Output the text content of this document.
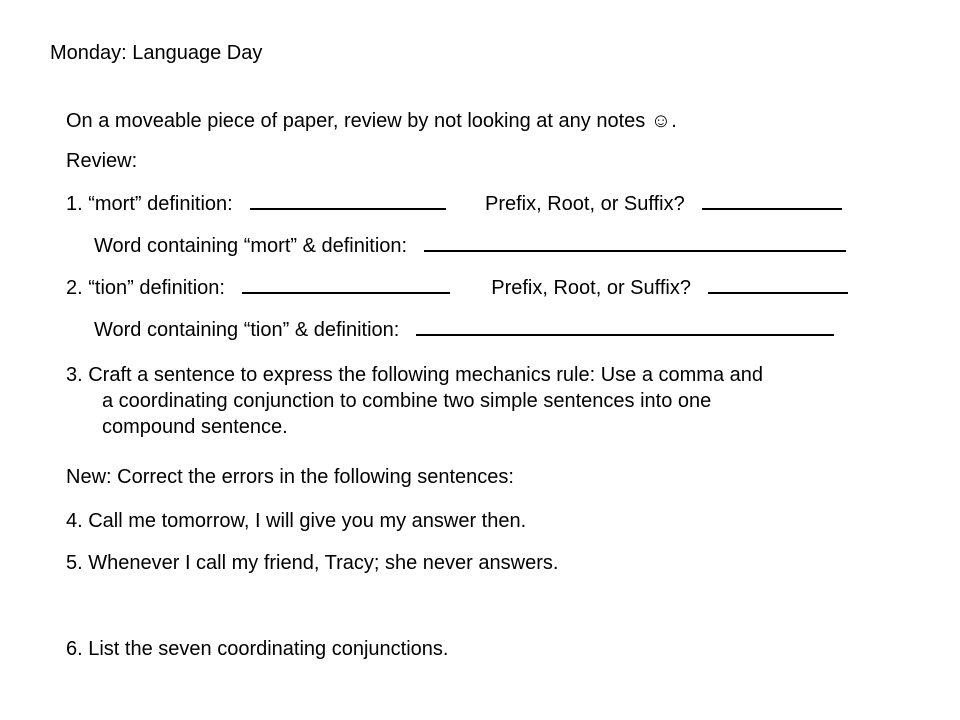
Monday: Language Day
On a moveable piece of paper, review by not looking at any notes ☺.
Review:
1. “mort” definition:	Prefix, Root, or Suffix?
Word containing “mort” & definition:
2. “tion” definition:	Prefix, Root, or Suffix?
Word containing “tion” & definition:
3. Craft a sentence to express the following mechanics rule: Use a comma and
a coordinating conjunction to combine two simple sentences into one
compound sentence.
New: Correct the errors in the following sentences:
4. Call me tomorrow, I will give you my answer then.
5. Whenever I call my friend, Tracy; she never answers.
6. List the seven coordinating conjunctions.
